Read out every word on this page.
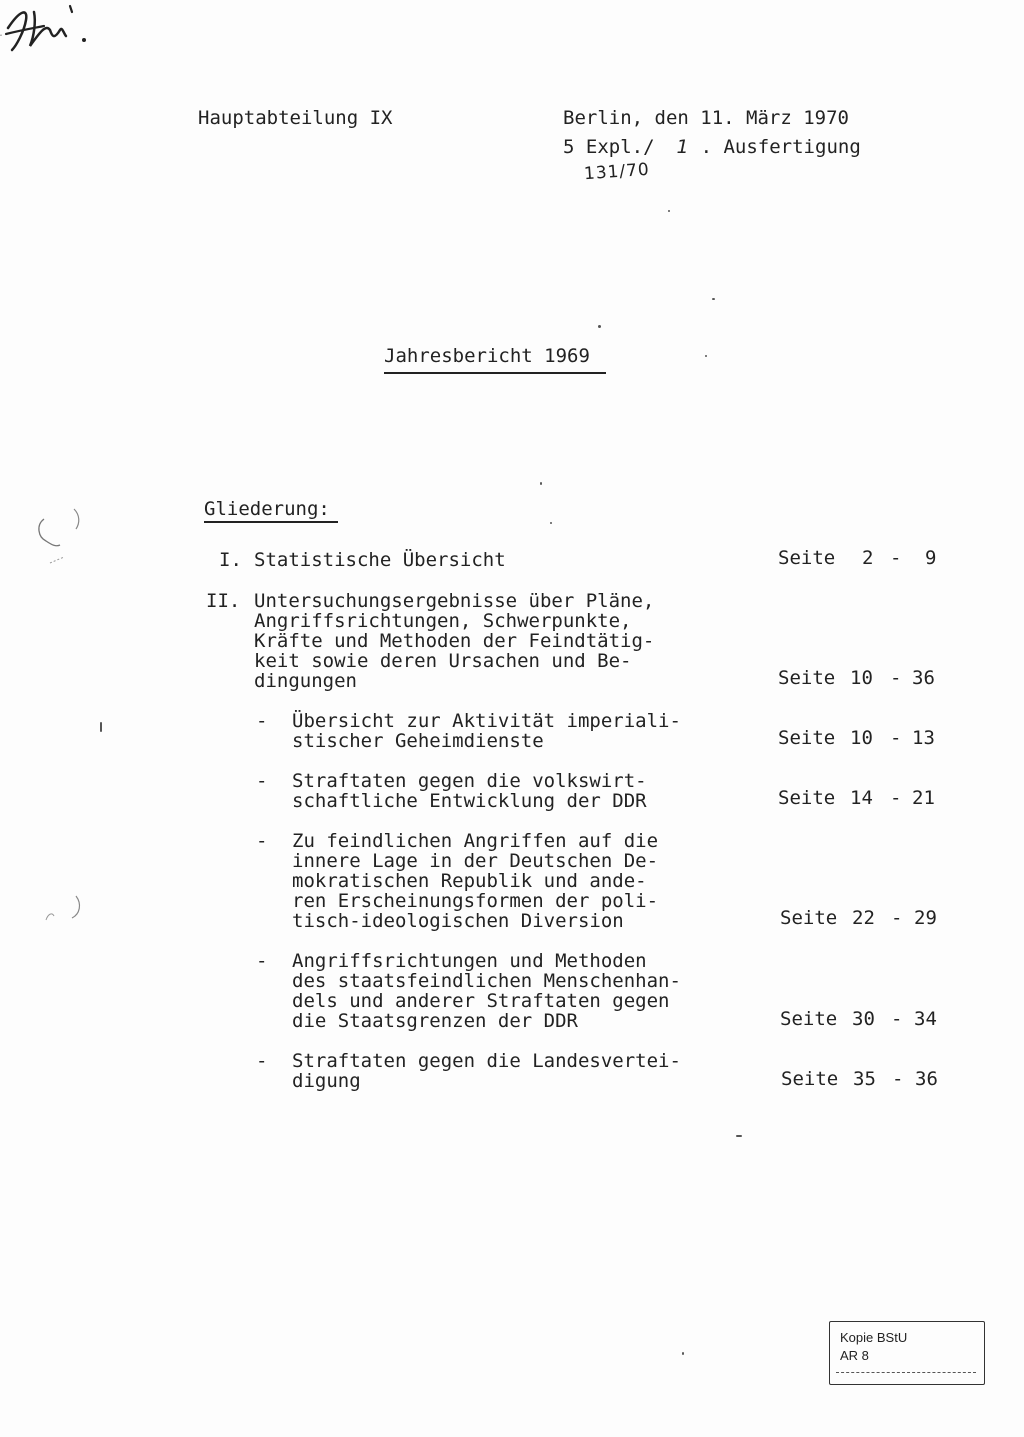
Hauptabteilung IX	Berlin, den 11. März 1970
5 Expl./ 1 . Ausfertigung
131/70
Jahresbericht 1969
Gliederung:
I. Statistische Übersicht	Seite 2 - 9
II. Untersuchungsergebnisse über Pläne,
Angriffsrichtungen, Schwerpunkte,
Kräfte und Methoden der Feindtätig-
keit sowie deren Ursachen und Be-
dingungen	Seite 10 - 36
- Übersicht zur Aktivität imperiali-
stischer Geheimdienste	Seite 10 - 13
- Straftaten gegen die volkswirt-
schaftliche Entwicklung der DDR	Seite 14 - 21
- Zu feindlichen Angriffen auf die
innere Lage in der Deutschen De-
mokratischen Republik und ande-
ren Erscheinungsformen der poli-
tisch-ideologischen Diversion	Seite 22 - 29
- Angriffsrichtungen und Methoden
des staatsfeindlichen Menschenhan-
dels und anderer Straftaten gegen
die Staatsgrenzen der DDR	Seite 30 - 34
- Straftaten gegen die Landesvertei-
digung	Seite 35 - 36
Kopie BStU
AR 8
